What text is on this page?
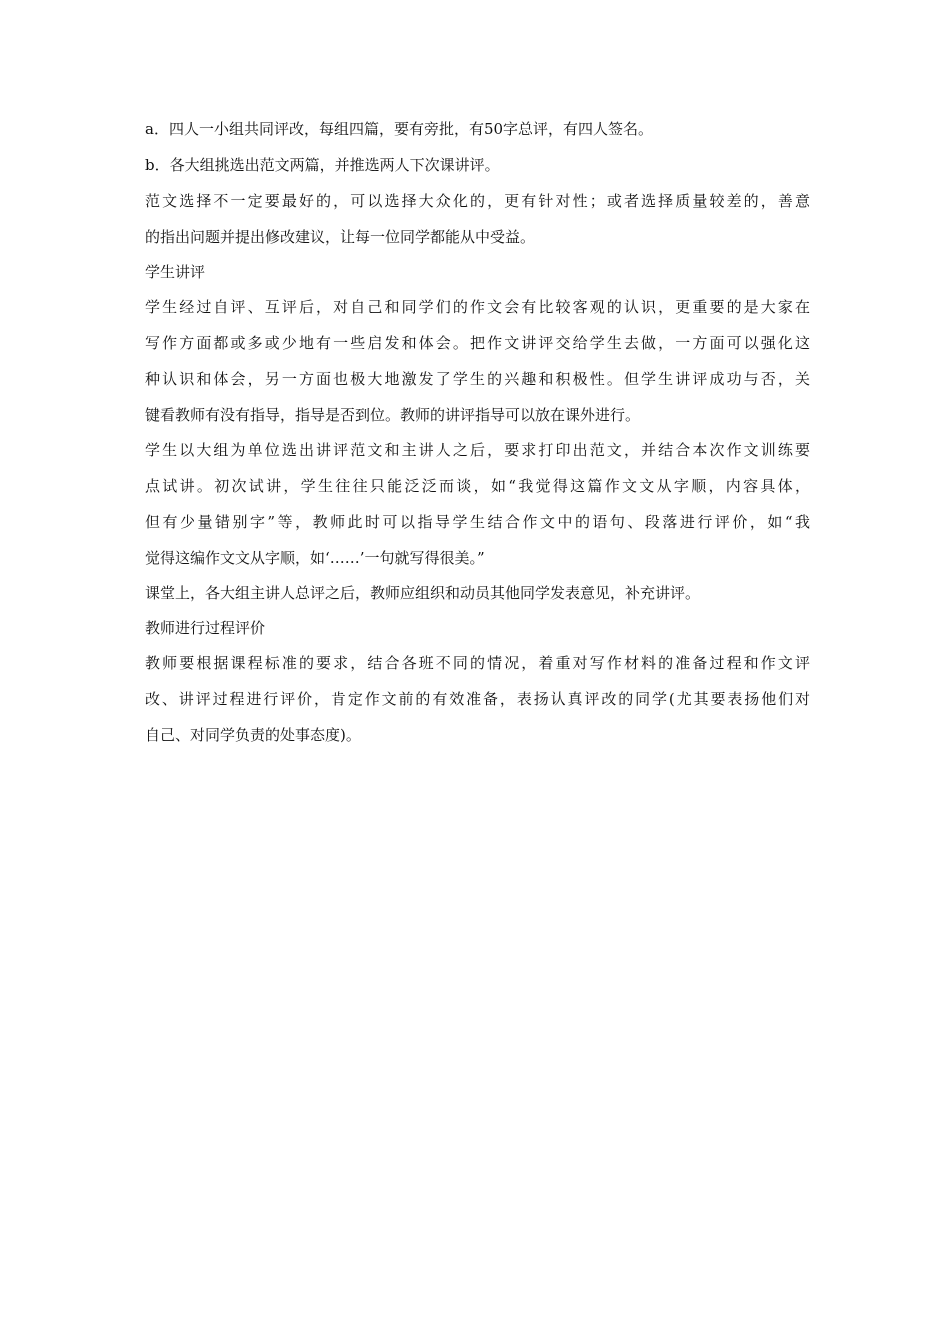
a．四人一小组共同评改，每组四篇，要有旁批，有50字总评，有四人签名。
b．各大组挑选出范文两篇，并推选两人下次课讲评。
范文选择不一定要最好的，可以选择大众化的，更有针对性；或者选择质量较差的，善意
的指出问题并提出修改建议，让每一位同学都能从中受益。
学生讲评
学生经过自评、互评后，对自己和同学们的作文会有比较客观的认识，更重要的是大家在
写作方面都或多或少地有一些启发和体会。把作文讲评交给学生去做，一方面可以强化这
种认识和体会，另一方面也极大地激发了学生的兴趣和积极性。但学生讲评成功与否，关
键看教师有没有指导，指导是否到位。教师的讲评指导可以放在课外进行。
学生以大组为单位选出讲评范文和主讲人之后，要求打印出范文，并结合本次作文训练要
点试讲。初次试讲，学生往往只能泛泛而谈，如“我觉得这篇作文文从字顺，内容具体，
但有少量错别字”等，教师此时可以指导学生结合作文中的语句、段落进行评价，如“我
觉得这编作文文从字顺，如‘……’一句就写得很美。”
课堂上，各大组主讲人总评之后，教师应组织和动员其他同学发表意见，补充讲评。
教师进行过程评价
教师要根据课程标准的要求，结合各班不同的情况，着重对写作材料的准备过程和作文评
改、讲评过程进行评价，肯定作文前的有效准备，表扬认真评改的同学(尤其要表扬他们对
自己、对同学负责的处事态度)。
